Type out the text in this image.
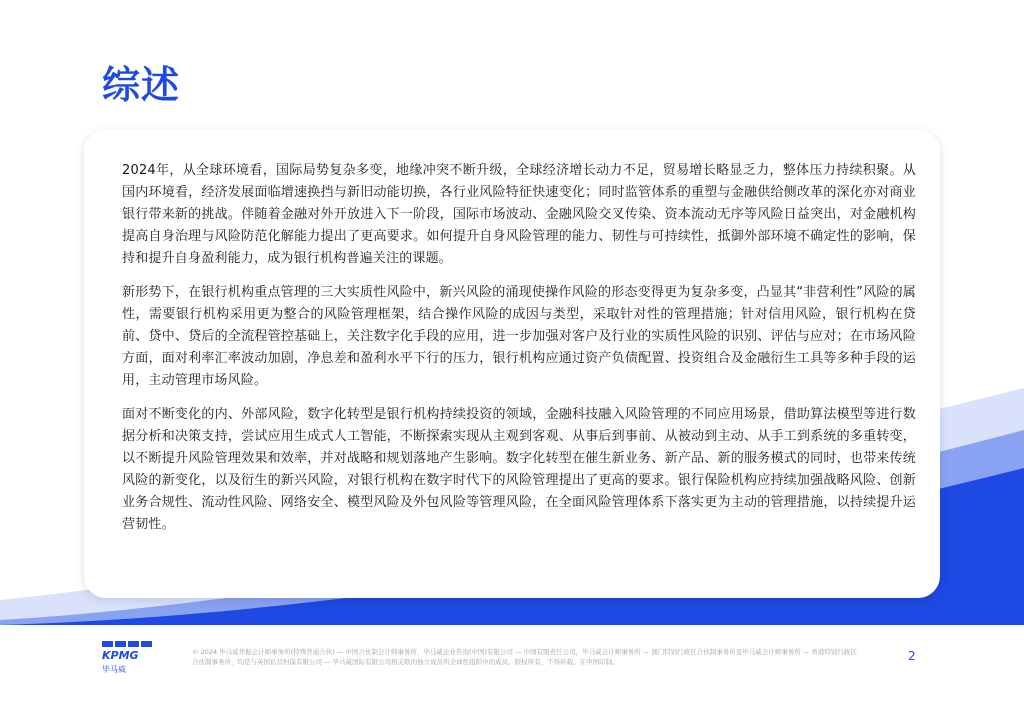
综述

2024年，从全球环境看，国际局势复杂多变，地缘冲突不断升级，全球经济增长动力不足，贸易增长略显乏力，整体压力持续积聚。从国内环境看，经济发展面临增速换挡与新旧动能切换，各行业风险特征快速变化；同时监管体系的重塑与金融供给侧改革的深化亦对商业银行带来新的挑战。伴随着金融对外开放进入下一阶段，国际市场波动、金融风险交叉传染、资本流动无序等风险日益突出，对金融机构提高自身治理与风险防范化解能力提出了更高要求。如何提升自身风险管理的能力、韧性与可持续性，抵御外部环境不确定性的影响，保持和提升自身盈利能力，成为银行机构普遍关注的课题。

新形势下，在银行机构重点管理的三大实质性风险中，新兴风险的涌现使操作风险的形态变得更为复杂多变，凸显其“非营利性”风险的属性，需要银行机构采用更为整合的风险管理框架，结合操作风险的成因与类型，采取针对性的管理措施；针对信用风险，银行机构在贷前、贷中、贷后的全流程管控基础上，关注数字化手段的应用，进一步加强对客户及行业的实质性风险的识别、评估与应对；在市场风险方面，面对利率汇率波动加剧，净息差和盈利水平下行的压力，银行机构应通过资产负债配置、投资组合及金融衍生工具等多种手段的运用，主动管理市场风险。

面对不断变化的内、外部风险，数字化转型是银行机构持续投资的领域，金融科技融入风险管理的不同应用场景，借助算法模型等进行数据分析和决策支持，尝试应用生成式人工智能，不断探索实现从主观到客观、从事后到事前、从被动到主动、从手工到系统的多重转变，以不断提升风险管理效果和效率，并对战略和规划落地产生影响。数字化转型在催生新业务、新产品、新的服务模式的同时，也带来传统风险的新变化，以及衍生的新兴风险，对银行机构在数字时代下的风险管理提出了更高的要求。银行保险机构应持续加强战略风险、创新业务合规性、流动性风险、网络安全、模型风险及外包风险等管理风险，在全面风险管理体系下落实更为主动的管理措施，以持续提升运营韧性。

KPMG
毕马威

© 2024 毕马威华振会计师事务所(特殊普通合伙) — 中国合伙制会计师事务所，毕马威企业咨询(中国)有限公司 — 中国有限责任公司，毕马威会计师事务所 — 澳门特别行政区合伙制事务所及毕马威会计师事务所 — 香港特别行政区合伙制事务所，均是与英国私营担保有限公司 — 毕马威国际有限公司相关联的独立成员所全球性组织中的成员。版权所有，不得转载。在中国印制。	2
